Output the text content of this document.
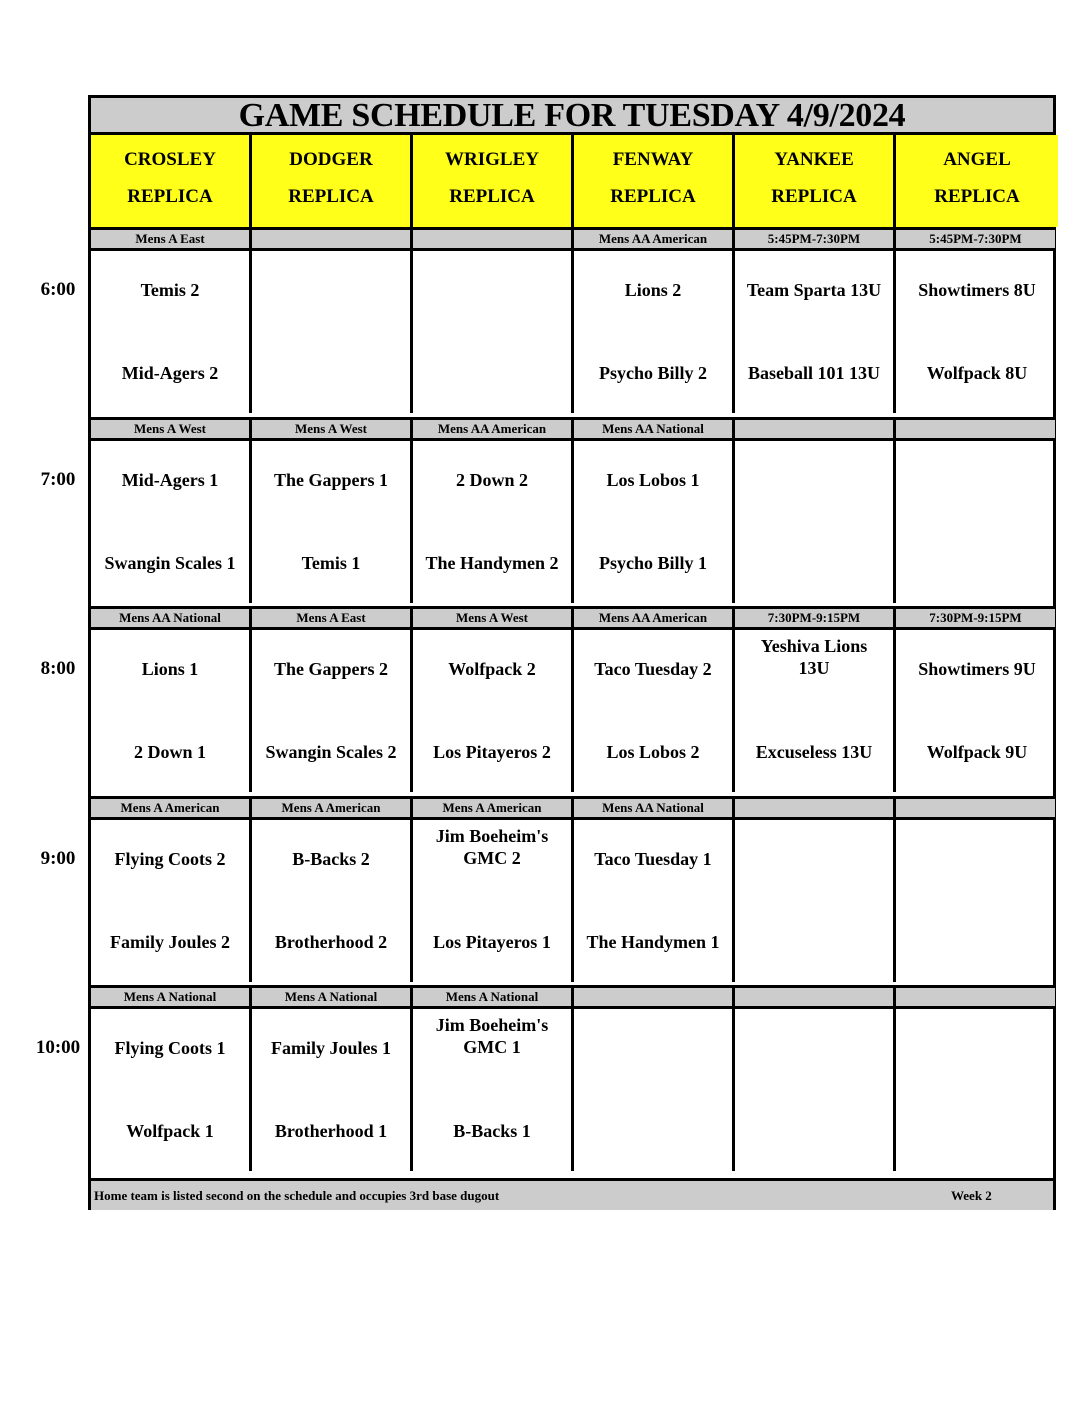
GAME SCHEDULE FOR TUESDAY 4/9/2024
CROSLEY
REPLICA
DODGER
REPLICA
WRIGLEY
REPLICA
FENWAY
REPLICA
YANKEE
REPLICA
ANGEL
REPLICA
Mens A East
Temis 2
Mid-Agers 2
Mens AA American
Lions 2
Psycho Billy 2
5:45PM-7:30PM
Team Sparta 13U
Baseball 101 13U
5:45PM-7:30PM
Showtimers 8U
Wolfpack 8U
Mens A West
Mid-Agers 1
Swangin Scales 1
Mens A West
The Gappers 1
Temis 1
Mens AA American
2 Down 2
The Handymen 2
Mens AA National
Los Lobos 1
Psycho Billy 1
Mens AA National
Lions 1
2 Down 1
Mens A East
The Gappers 2
Swangin Scales 2
Mens A West
Wolfpack 2
Los Pitayeros 2
Mens AA American
Taco Tuesday 2
Los Lobos 2
7:30PM-9:15PM
Yeshiva Lions 13U
Excuseless 13U
7:30PM-9:15PM
Showtimers 9U
Wolfpack 9U
Mens A American
Flying Coots 2
Family Joules 2
Mens A American
B-Backs 2
Brotherhood 2
Mens A American
Jim Boeheim's GMC 2
Los Pitayeros 1
Mens AA National
Taco Tuesday 1
The Handymen 1
Mens A National
Flying Coots 1
Wolfpack 1
Mens A National
Family Joules 1
Brotherhood 1
Mens A National
Jim Boeheim's GMC 1
B-Backs 1
Home team is listed second on the schedule and occupies 3rd base dugout	Week 2
6:00
7:00
8:00
9:00
10:00
